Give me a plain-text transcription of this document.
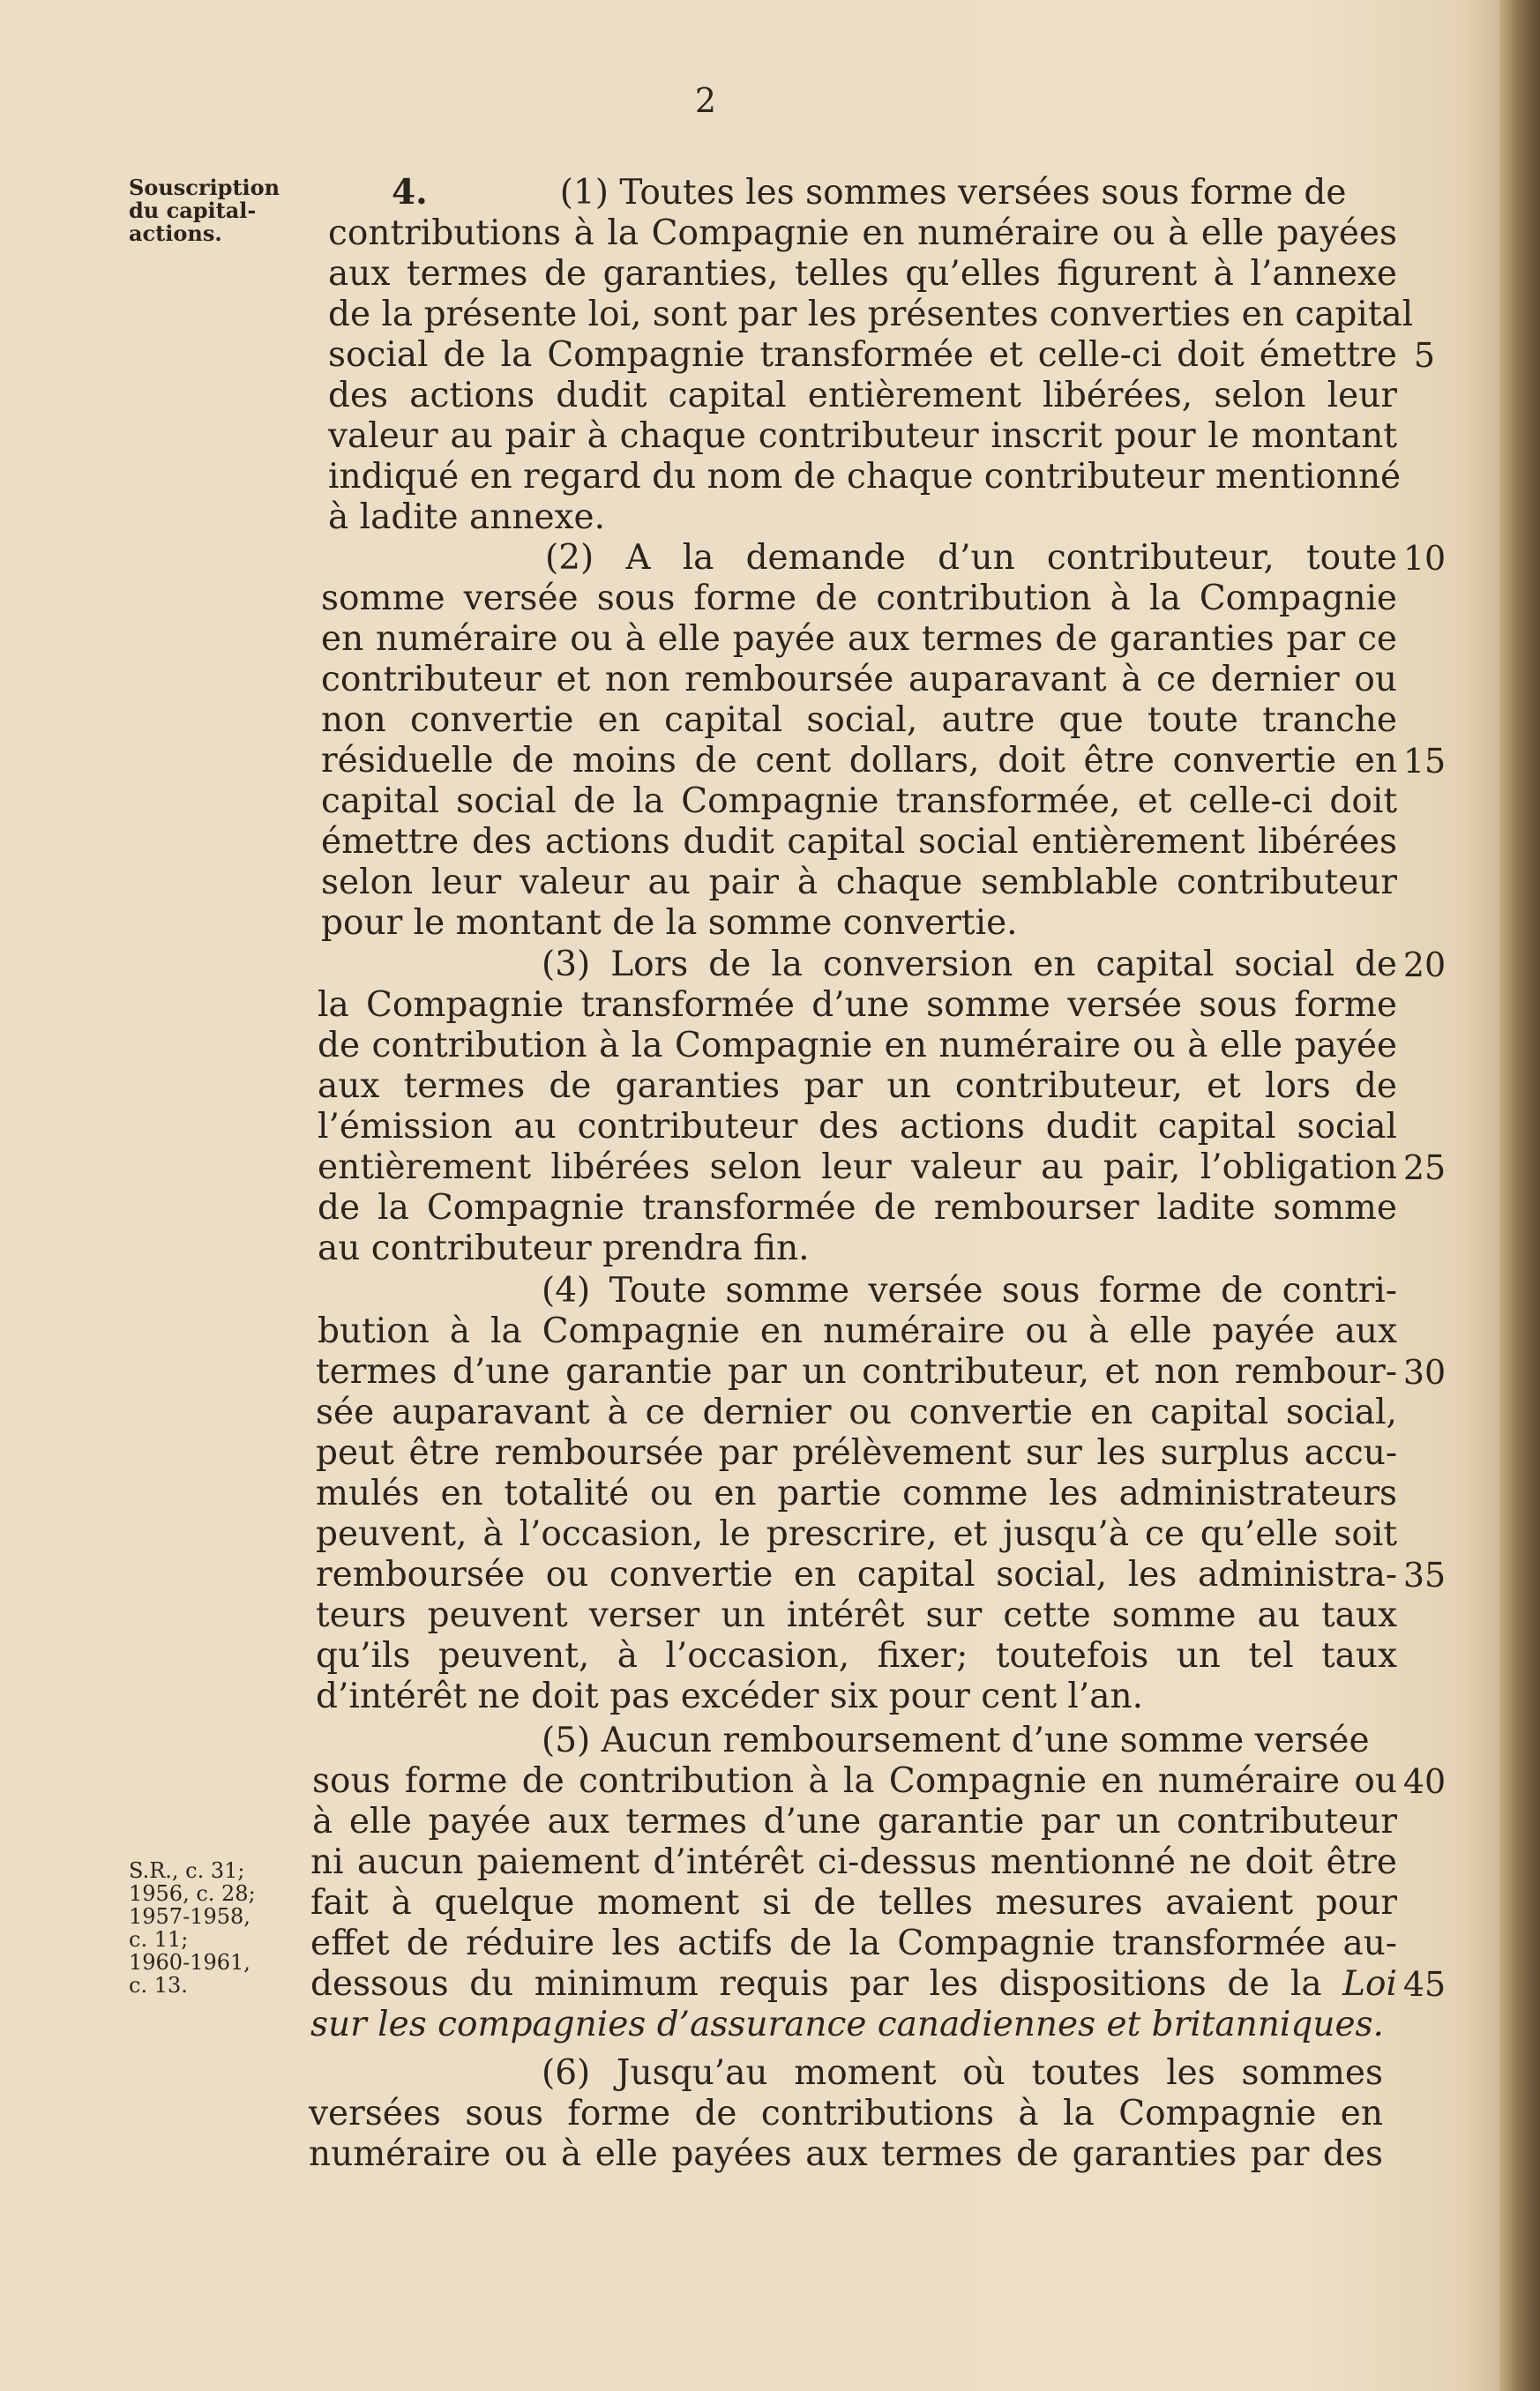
2
Souscription
du capital-
actions.
S.R., c. 31;
1956, c. 28;
1957-1958,
c. 11;
1960-1961,
c. 13.
4.	(1) Toutes les sommes versées sous forme de
contributions à la Compagnie en numéraire ou à elle payées
aux termes de garanties, telles qu’elles figurent à l’annexe
de la présente loi, sont par les présentes converties en capital
social de la Compagnie transformée et celle-ci doit émettre 5
des actions dudit capital entièrement libérées, selon leur
valeur au pair à chaque contributeur inscrit pour le montant
indiqué en regard du nom de chaque contributeur mentionné
à ladite annexe.
(2) A la demande d’un contributeur, toute 10
somme versée sous forme de contribution à la Compagnie
en numéraire ou à elle payée aux termes de garanties par ce
contributeur et non remboursée auparavant à ce dernier ou
non convertie en capital social, autre que toute tranche
résiduelle de moins de cent dollars, doit être convertie en 15
capital social de la Compagnie transformée, et celle-ci doit
émettre des actions dudit capital social entièrement libérées
selon leur valeur au pair à chaque semblable contributeur
pour le montant de la somme convertie.
(3) Lors de la conversion en capital social de 20
la Compagnie transformée d’une somme versée sous forme
de contribution à la Compagnie en numéraire ou à elle payée
aux termes de garanties par un contributeur, et lors de
l’émission au contributeur des actions dudit capital social
entièrement libérées selon leur valeur au pair, l’obligation 25
de la Compagnie transformée de rembourser ladite somme
au contributeur prendra fin.
(4) Toute somme versée sous forme de contri-
bution à la Compagnie en numéraire ou à elle payée aux
termes d’une garantie par un contributeur, et non rembour- 30
sée auparavant à ce dernier ou convertie en capital social,
peut être remboursée par prélèvement sur les surplus accu-
mulés en totalité ou en partie comme les administrateurs
peuvent, à l’occasion, le prescrire, et jusqu’à ce qu’elle soit
remboursée ou convertie en capital social, les administra- 35
teurs peuvent verser un intérêt sur cette somme au taux
qu’ils peuvent, à l’occasion, fixer; toutefois un tel taux
d’intérêt ne doit pas excéder six pour cent l’an.
(5) Aucun remboursement d’une somme versée
sous forme de contribution à la Compagnie en numéraire ou 40
à elle payée aux termes d’une garantie par un contributeur
ni aucun paiement d’intérêt ci-dessus mentionné ne doit être
fait à quelque moment si de telles mesures avaient pour
effet de réduire les actifs de la Compagnie transformée au-
dessous du minimum requis par les dispositions de la Loi 45
sur les compagnies d’assurance canadiennes et britanniques.
(6) Jusqu’au moment où toutes les sommes
versées sous forme de contributions à la Compagnie en
numéraire ou à elle payées aux termes de garanties par des
